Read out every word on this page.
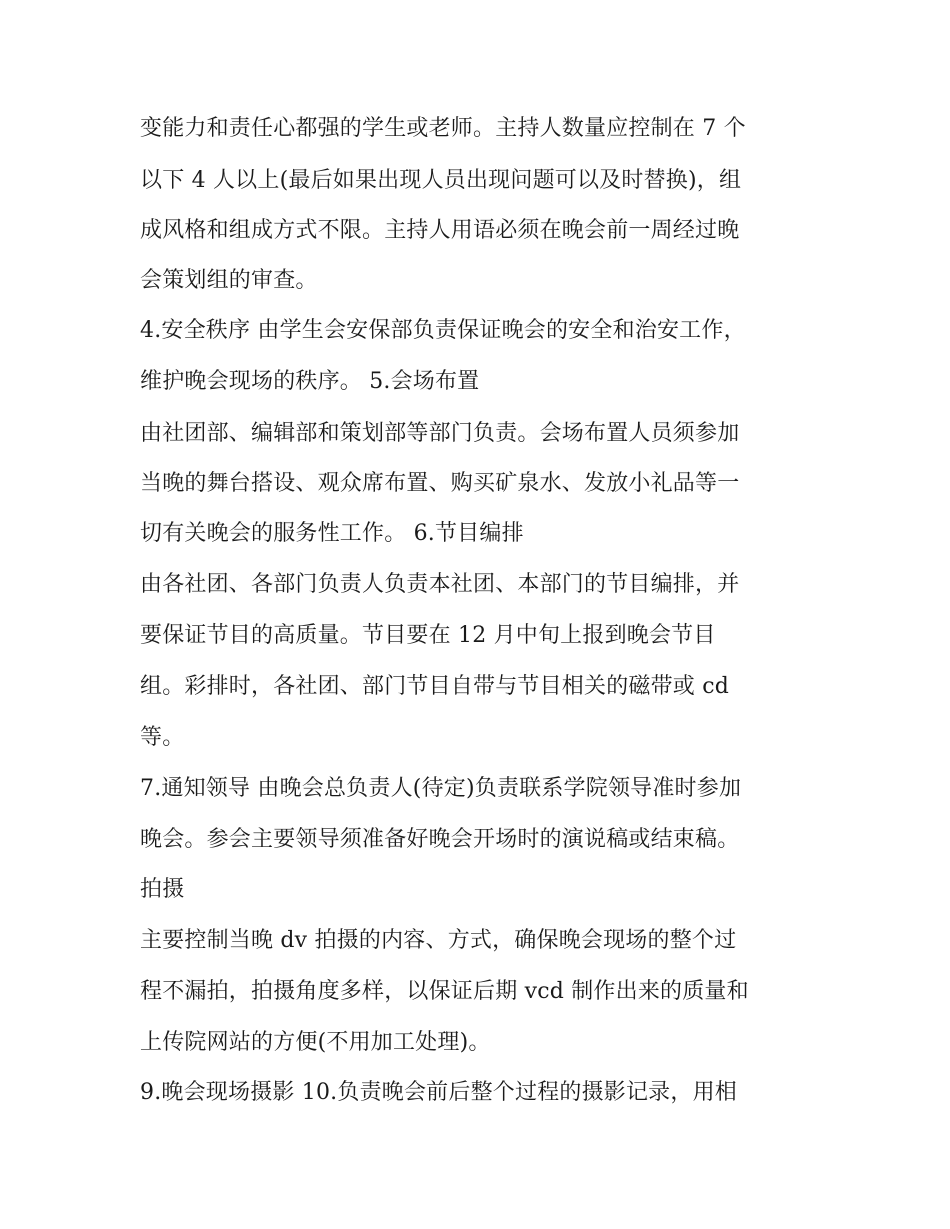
变能力和责任心都强的学生或老师。主持人数量应控制在 7 个
以下 4 人以上(最后如果出现人员出现问题可以及时替换)，组
成风格和组成方式不限。主持人用语必须在晚会前一周经过晚
会策划组的审查。
4.安全秩序 由学生会安保部负责保证晚会的安全和治安工作，
维护晚会现场的秩序。 5.会场布置
由社团部、编辑部和策划部等部门负责。会场布置人员须参加
当晚的舞台搭设、观众席布置、购买矿泉水、发放小礼品等一
切有关晚会的服务性工作。 6.节目编排
由各社团、各部门负责人负责本社团、本部门的节目编排，并
要保证节目的高质量。节目要在 12 月中旬上报到晚会节目
组。彩排时，各社团、部门节目自带与节目相关的磁带或 cd
等。
7.通知领导 由晚会总负责人(待定)负责联系学院领导准时参加
晚会。参会主要领导须准备好晚会开场时的演说稿或结束稿。
拍摄
主要控制当晚 dv 拍摄的内容、方式，确保晚会现场的整个过
程不漏拍，拍摄角度多样，以保证后期 vcd 制作出来的质量和
上传院网站的方便(不用加工处理)。
9.晚会现场摄影 10.负责晚会前后整个过程的摄影记录，用相
